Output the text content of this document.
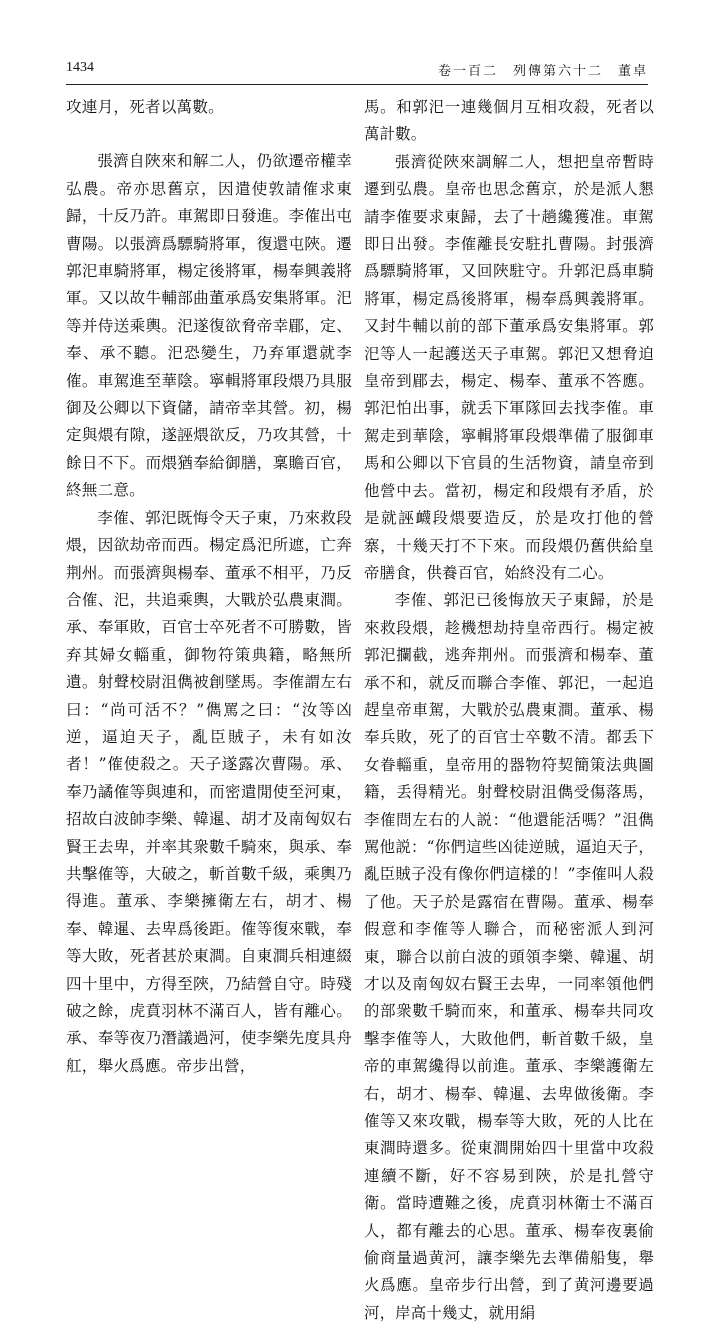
1434	卷一百二　列傳第六十二　董卓

攻連月，死者以萬數。

張濟自陜來和解二人，仍欲遷帝權幸弘農。帝亦思舊京，因遣使敦請傕求東歸，十反乃許。車駕即日發進。李傕出屯曹陽。以張濟爲驃騎將軍，復還屯陜。遷郭汜車騎將軍，楊定後將軍，楊奉興義將軍。又以故牛輔部曲董承爲安集將軍。汜等并侍送乘輿。汜遂復欲脅帝幸郿，定、奉、承不聽。汜恐變生，乃弃軍還就李傕。車駕進至華陰。寧輯將軍段煨乃具服御及公卿以下資儲，請帝幸其營。初，楊定與煨有隙，遂誣煨欲反，乃攻其營，十餘日不下。而煨猶奉給御膳，稟贍百官，終無二意。

李傕、郭汜既悔令天子東，乃來救段煨，因欲劫帝而西。楊定爲汜所遮，亡奔荆州。而張濟與楊奉、董承不相平，乃反合傕、汜，共追乘輿，大戰於弘農東澗。承、奉軍敗，百官士卒死者不可勝數，皆弃其婦女輜重，御物符策典籍，略無所遺。射聲校尉沮儁被創墜馬。李傕謂左右曰：“尚可活不？”儁罵之曰：“汝等凶逆，逼迫天子，亂臣賊子，未有如汝者！”傕使殺之。天子遂露次曹陽。承、奉乃譎傕等與連和，而密遣閒使至河東，招故白波帥李樂、韓暹、胡才及南匈奴右賢王去卑，并率其衆數千騎來，與承、奉共擊傕等，大破之，斬首數千級，乘輿乃得進。董承、李樂擁衛左右，胡才、楊奉、韓暹、去卑爲後距。傕等復來戰，奉等大敗，死者甚於東澗。自東澗兵相連綴四十里中，方得至陜，乃結營自守。時殘破之餘，虎賁羽林不滿百人，皆有離心。承、奉等夜乃潛議過河，使李樂先度具舟舡，舉火爲應。帝步出營，

馬。和郭汜一連幾個月互相攻殺，死者以萬計數。

張濟從陜來調解二人，想把皇帝暫時遷到弘農。皇帝也思念舊京，於是派人懇請李傕要求東歸，去了十趟纔獲准。車駕即日出發。李傕離長安駐扎曹陽。封張濟爲驃騎將軍，又回陜駐守。升郭汜爲車騎將軍，楊定爲後將軍，楊奉爲興義將軍。又封牛輔以前的部下董承爲安集將軍。郭汜等人一起護送天子車駕。郭汜又想脅迫皇帝到郿去，楊定、楊奉、董承不答應。郭汜怕出事，就丢下軍隊回去找李傕。車駕走到華陰，寧輯將軍段煨準備了服御車馬和公卿以下官員的生活物資，請皇帝到他營中去。當初，楊定和段煨有矛盾，於是就誣衊段煨要造反，於是攻打他的營寨，十幾天打不下來。而段煨仍舊供給皇帝膳食，供養百官，始終没有二心。

李傕、郭汜已後悔放天子東歸，於是來救段煨，趁機想劫持皇帝西行。楊定被郭汜攔截，逃奔荆州。而張濟和楊奉、董承不和，就反而聯合李傕、郭汜，一起追趕皇帝車駕，大戰於弘農東澗。董承、楊奉兵敗，死了的百官士卒數不清。都丢下女眷輜重，皇帝用的器物符契簡策法典圖籍，丢得精光。射聲校尉沮儁受傷落馬，李傕問左右的人説：“他還能活嗎？”沮儁駡他説：“你們這些凶徒逆賊，逼迫天子，亂臣賊子没有像你們這樣的！”李傕叫人殺了他。天子於是露宿在曹陽。董承、楊奉假意和李傕等人聯合，而秘密派人到河東，聯合以前白波的頭領李樂、韓暹、胡才以及南匈奴右賢王去卑，一同率領他們的部衆數千騎而來，和董承、楊奉共同攻擊李傕等人，大敗他們，斬首數千級，皇帝的車駕纔得以前進。董承、李樂護衛左右，胡才、楊奉、韓暹、去卑做後衛。李傕等又來攻戰，楊奉等大敗，死的人比在東澗時還多。從東澗開始四十里當中攻殺連續不斷，好不容易到陜，於是扎營守衛。當時遭難之後，虎賁羽林衛士不滿百人，都有離去的心思。董承、楊奉夜裏偷偷商量過黄河，讓李樂先去準備船隻，舉火爲應。皇帝步行出營，到了黄河邊要過河，岸高十幾丈，就用絹
